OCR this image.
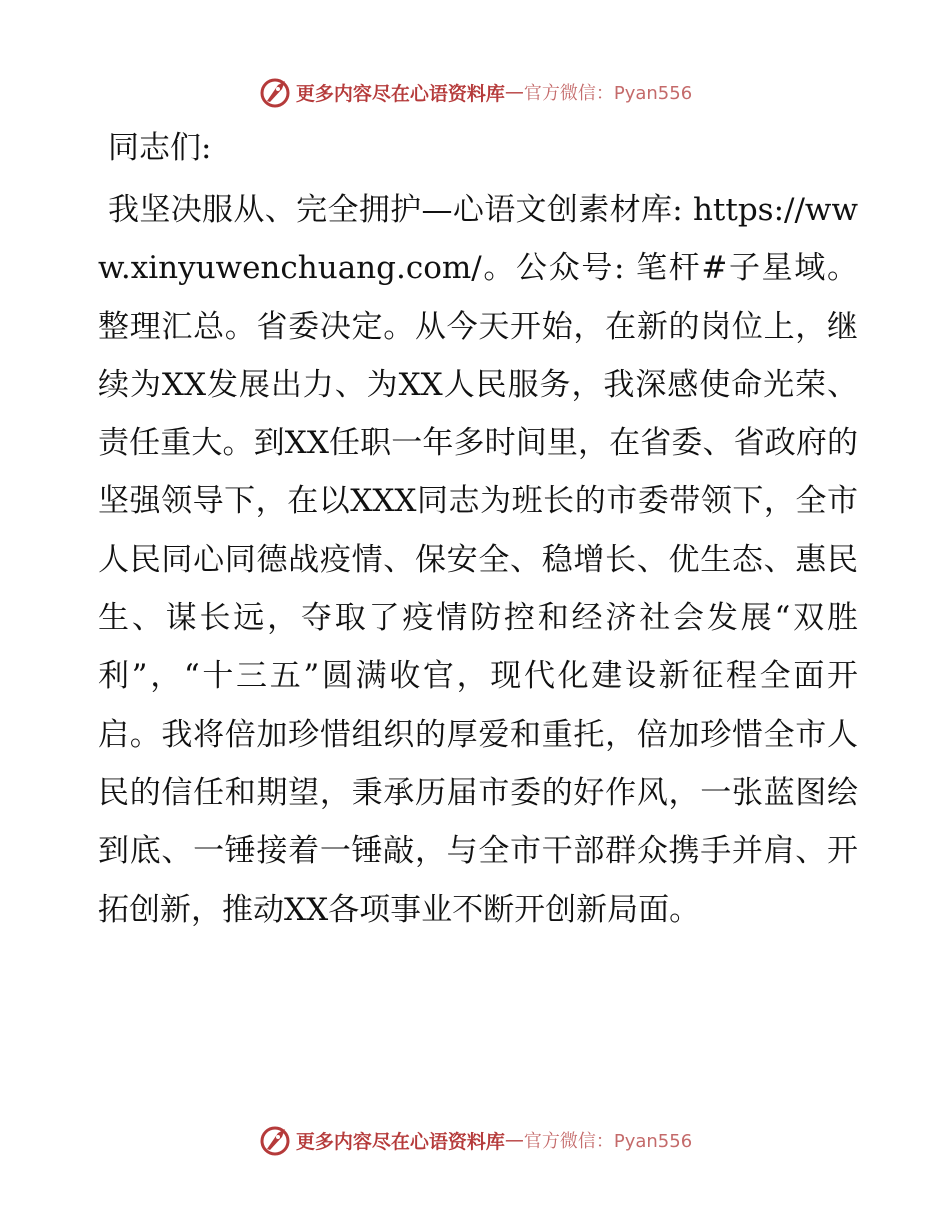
更多内容尽在心语资料库 — 官方微信：Pyan556

同志们:

我坚决服从、完全拥护—心语文创素材库: https://www.xinyuwenchuang.com/。公众号: 笔杆#子星域。整理汇总。省委决定。从今天开始，在新的岗位上，继续为XX发展出力、为XX人民服务，我深感使命光荣、责任重大。到XX任职一年多时间里，在省委、省政府的坚强领导下，在以XXX同志为班长的市委带领下，全市人民同心同德战疫情、保安全、稳增长、优生态、惠民生、谋长远，夺取了疫情防控和经济社会发展“双胜利”，“十三五”圆满收官，现代化建设新征程全面开启。我将倍加珍惜组织的厚爱和重托，倍加珍惜全市人民的信任和期望，秉承历届市委的好作风，一张蓝图绘到底、一锤接着一锤敲，与全市干部群众携手并肩、开拓创新，推动XX各项事业不断开创新局面。

更多内容尽在心语资料库 — 官方微信：Pyan556
